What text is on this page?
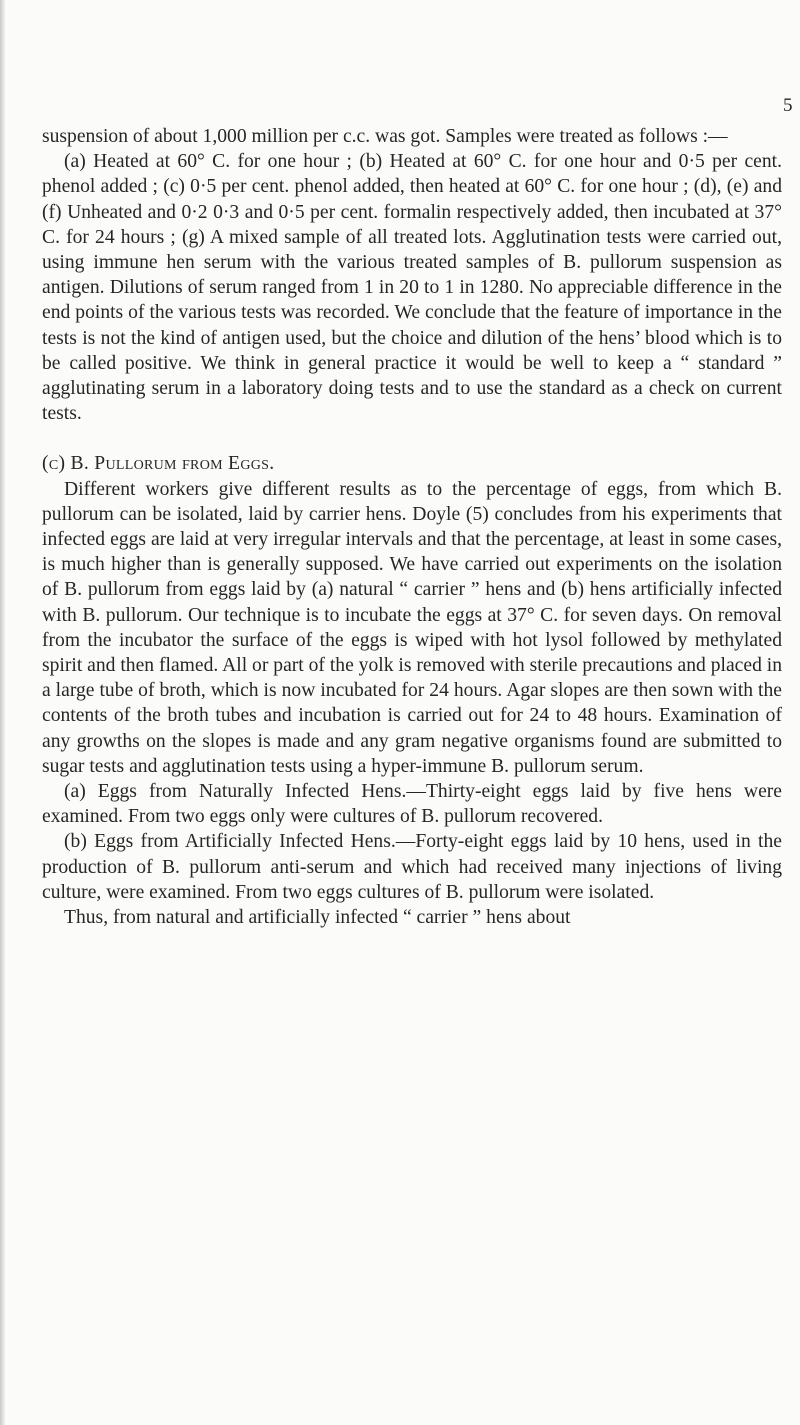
5

suspension of about 1,000 million per c.c. was got. Samples were treated as follows :—

(a) Heated at 60° C. for one hour ; (b) Heated at 60° C. for one hour and 0·5 per cent. phenol added ; (c) 0·5 per cent. phenol added, then heated at 60° C. for one hour ; (d), (e) and (f) Unheated and 0·2 0·3 and 0·5 per cent. formalin respectively added, then incubated at 37° C. for 24 hours ; (g) A mixed sample of all treated lots. Agglutination tests were carried out, using immune hen serum with the various treated samples of B. pullorum suspension as antigen. Dilutions of serum ranged from 1 in 20 to 1 in 1280. No appreciable difference in the end points of the various tests was recorded. We conclude that the feature of importance in the tests is not the kind of antigen used, but the choice and dilution of the hens’ blood which is to be called positive. We think in general practice it would be well to keep a “ standard ” agglutinating serum in a laboratory doing tests and to use the standard as a check on current tests.

(c) B. Pullorum from Eggs.

Different workers give different results as to the percentage of eggs, from which B. pullorum can be isolated, laid by carrier hens. Doyle (5) concludes from his experiments that infected eggs are laid at very irregular intervals and that the percentage, at least in some cases, is much higher than is generally supposed. We have carried out experiments on the isolation of B. pullorum from eggs laid by (a) natural “ carrier ” hens and (b) hens artificially infected with B. pullorum. Our technique is to incubate the eggs at 37° C. for seven days. On removal from the incubator the surface of the eggs is wiped with hot lysol followed by methylated spirit and then flamed. All or part of the yolk is removed with sterile precautions and placed in a large tube of broth, which is now incubated for 24 hours. Agar slopes are then sown with the contents of the broth tubes and incubation is carried out for 24 to 48 hours. Examination of any growths on the slopes is made and any gram negative organisms found are submitted to sugar tests and agglutination tests using a hyper-immune B. pullorum serum.

(a) Eggs from Naturally Infected Hens.—Thirty-eight eggs laid by five hens were examined. From two eggs only were cultures of B. pullorum recovered.

(b) Eggs from Artificially Infected Hens.—Forty-eight eggs laid by 10 hens, used in the production of B. pullorum anti-serum and which had received many injections of living culture, were examined. From two eggs cultures of B. pullorum were isolated.

Thus, from natural and artificially infected “ carrier ” hens about
